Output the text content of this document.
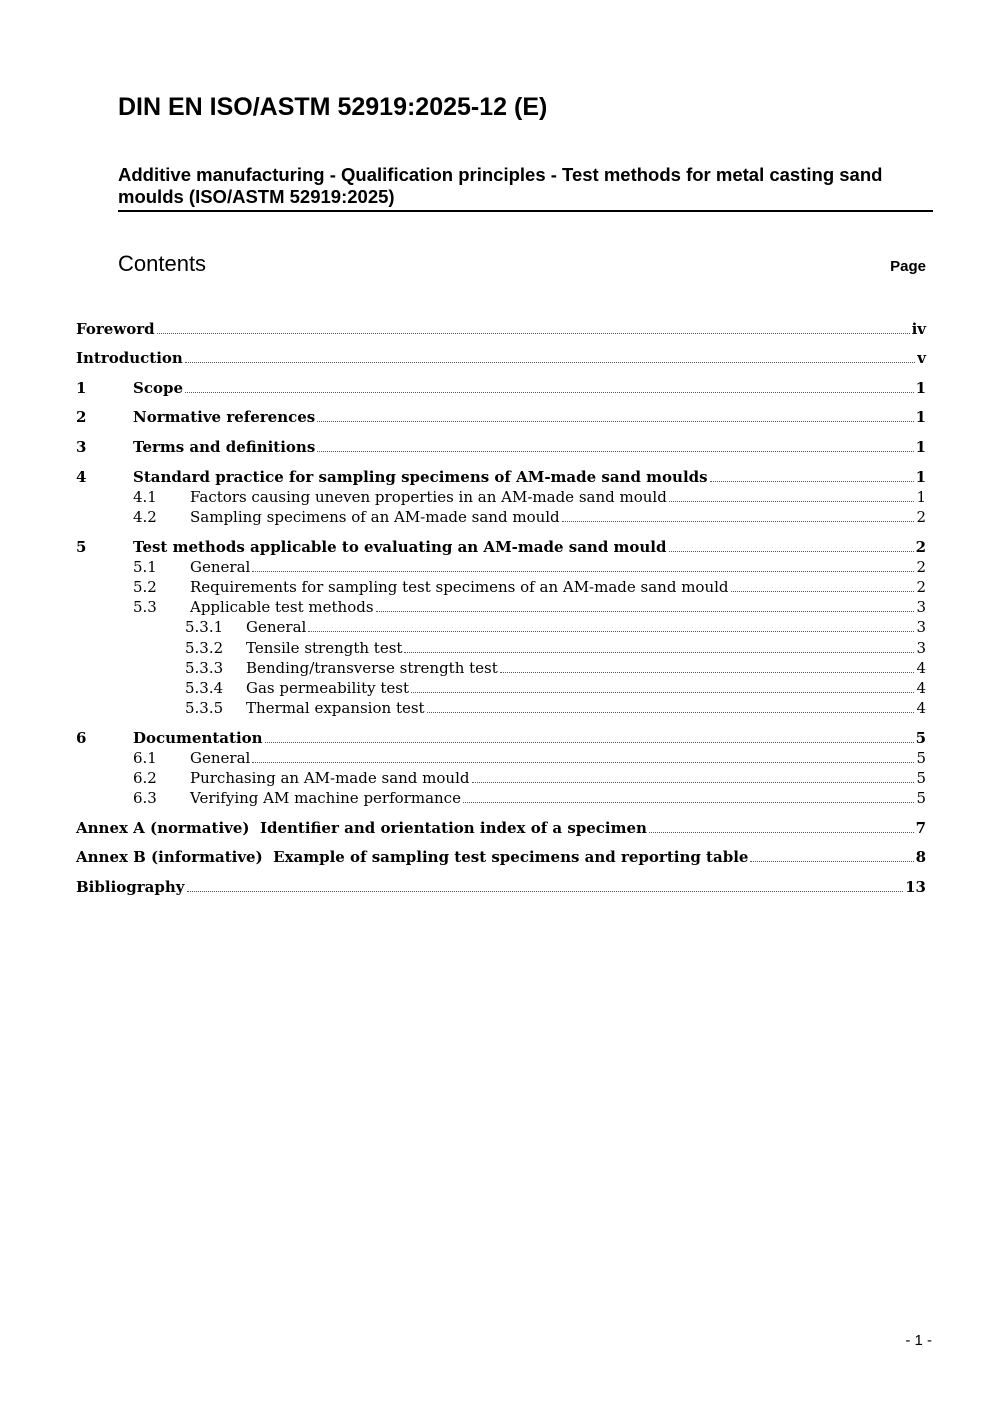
DIN EN ISO/ASTM 52919:2025-12 (E)
Additive manufacturing - Qualification principles - Test methods for metal casting sand moulds (ISO/ASTM 52919:2025)
Contents	Page
Foreword	iv
Introduction	v
1	Scope	1
2	Normative references	1
3	Terms and definitions	1
4	Standard practice for sampling specimens of AM-made sand moulds	1
4.1	Factors causing uneven properties in an AM-made sand mould	1
4.2	Sampling specimens of an AM-made sand mould	2
5	Test methods applicable to evaluating an AM-made sand mould	2
5.1	General	2
5.2	Requirements for sampling test specimens of an AM-made sand mould	2
5.3	Applicable test methods	3
5.3.1	General	3
5.3.2	Tensile strength test	3
5.3.3	Bending/transverse strength test	4
5.3.4	Gas permeability test	4
5.3.5	Thermal expansion test	4
6	Documentation	5
6.1	General	5
6.2	Purchasing an AM-made sand mould	5
6.3	Verifying AM machine performance	5
Annex A (normative)  Identifier and orientation index of a specimen	7
Annex B (informative)  Example of sampling test specimens and reporting table	8
Bibliography	13
- 1 -
